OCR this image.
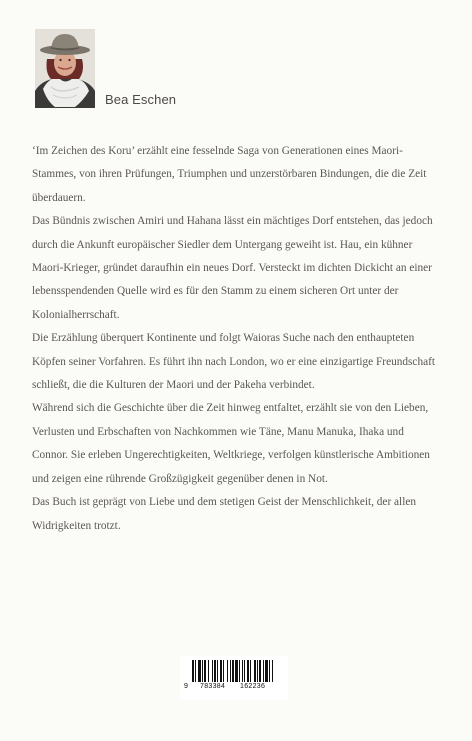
Bea Eschen

‘Im Zeichen des Koru’ erzählt eine fesselnde Saga von Generationen eines Maori-Stammes, von ihren Prüfungen, Triumphen und unzerstörbaren Bindungen, die die Zeit überdauern.

Das Bündnis zwischen Amiri und Hahana lässt ein mächtiges Dorf entstehen, das jedoch durch die Ankunft europäischer Siedler dem Untergang geweiht ist. Hau, ein kühner Maori-Krieger, gründet daraufhin ein neues Dorf. Versteckt im dichten Dickicht an einer lebensspendenden Quelle wird es für den Stamm zu einem sicheren Ort unter der Kolonialherrschaft.

Die Erzählung überquert Kontinente und folgt Waioras Suche nach den enthaupteten Köpfen seiner Vorfahren. Es führt ihn nach London, wo er eine einzigartige Freundschaft schließt, die die Kulturen der Maori und der Pakeha verbindet.

Während sich die Geschichte über die Zeit hinweg entfaltet, erzählt sie von den Lieben, Verlusten und Erbschaften von Nachkommen wie Täne, Manu Manuka, Ihaka und Connor. Sie erleben Ungerechtigkeiten, Weltkriege, verfolgen künstlerische Ambitionen und zeigen eine rührende Großzügigkeit gegenüber denen in Not.

Das Buch ist geprägt von Liebe und dem stetigen Geist der Menschlichkeit, der allen Widrigkeiten trotzt.

9 783384 162236
